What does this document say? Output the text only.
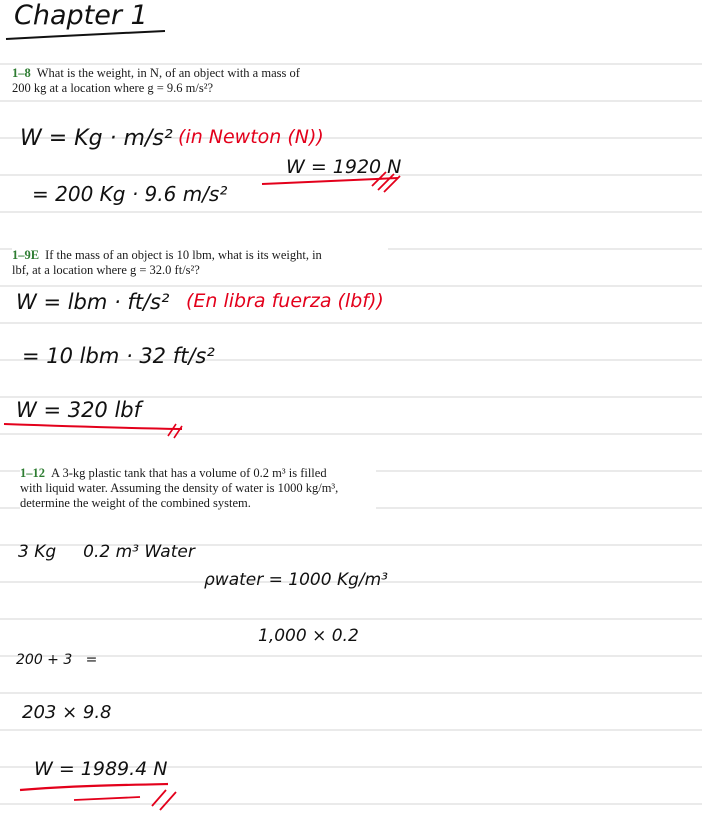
Chapter 1
1–8 What is the weight, in N, of an object with a mass of
200 kg at a location where g = 9.6 m/s²?
W = Kg · m/s² (in Newton (N))
W = 1920 N
= 200 Kg · 9.6 m/s²
1–9E If the mass of an object is 10 lbm, what is its weight, in
lbf, at a location where g = 32.0 ft/s²?
W = lbm · ft/s² (En libra fuerza (lbf))
= 10 lbm · 32 ft/s²
W = 320 lbf
1–12 A 3-kg plastic tank that has a volume of 0.2 m³ is filled
with liquid water. Assuming the density of water is 1000 kg/m³,
determine the weight of the combined system.
3 Kg     0.2 m³ Water
ρwater = 1000 Kg/m³
1,000 × 0.2
200 + 3   =
203 × 9.8
W = 1989.4 N
